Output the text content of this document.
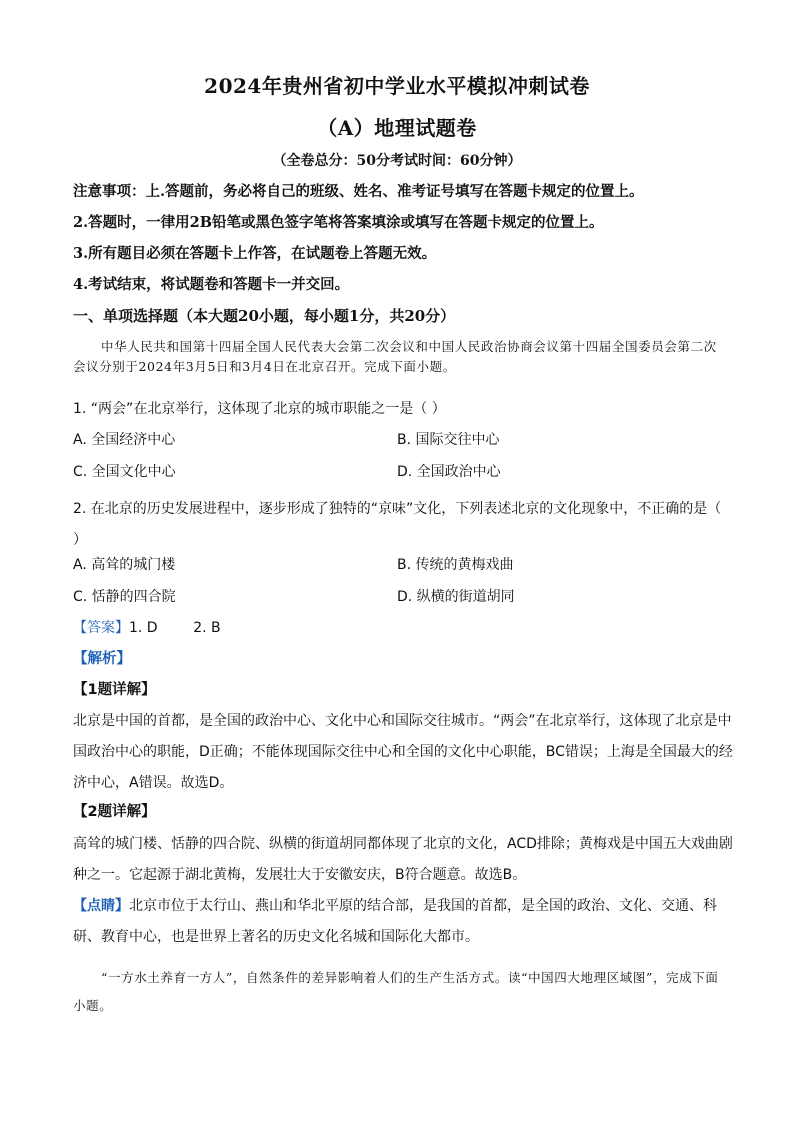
2024年贵州省初中学业水平模拟冲刺试卷
（A）地理试题卷
（全卷总分：50分考试时间：60分钟）
注意事项：上.答题前，务必将自己的班级、姓名、准考证号填写在答题卡规定的位置上。
2.答题时，一律用2B铅笔或黑色签字笔将答案填涂或填写在答题卡规定的位置上。
3.所有题目必须在答题卡上作答，在试题卷上答题无效。
4.考试结束，将试题卷和答题卡一并交回。
一、单项选择题（本大题20小题，每小题1分，共20分）
中华人民共和国第十四届全国人民代表大会第二次会议和中国人民政治协商会议第十四届全国委员会第二次会议分别于2024年3月5日和3月4日在北京召开。完成下面小题。
1. “两会”在北京举行，这体现了北京的城市职能之一是（ ）
A. 全国经济中心	B. 国际交往中心
C. 全国文化中心	D. 全国政治中心
2. 在北京的历史发展进程中，逐步形成了独特的“京味”文化，下列表述北京的文化现象中，不正确的是（ ）
A. 高耸的城门楼	B. 传统的黄梅戏曲
C. 恬静的四合院	D. 纵横的街道胡同
【答案】1. D        2. B
【解析】
【1题详解】
北京是中国的首都，是全国的政治中心、文化中心和国际交往城市。“两会”在北京举行，这体现了北京是中国政治中心的职能，D正确；不能体现国际交往中心和全国的文化中心职能，BC错误；上海是全国最大的经济中心，A错误。故选D。
【2题详解】
高耸的城门楼、恬静的四合院、纵横的街道胡同都体现了北京的文化，ACD排除；黄梅戏是中国五大戏曲剧种之一。它起源于湖北黄梅，发展壮大于安徽安庆，B符合题意。故选B。
【点睛】北京市位于太行山、燕山和华北平原的结合部，是我国的首都，是全国的政治、文化、交通、科研、教育中心，也是世界上著名的历史文化名城和国际化大都市。
“一方水土养育一方人”，自然条件的差异影响着人们的生产生活方式。读“中国四大地理区域图”，完成下面小题。
